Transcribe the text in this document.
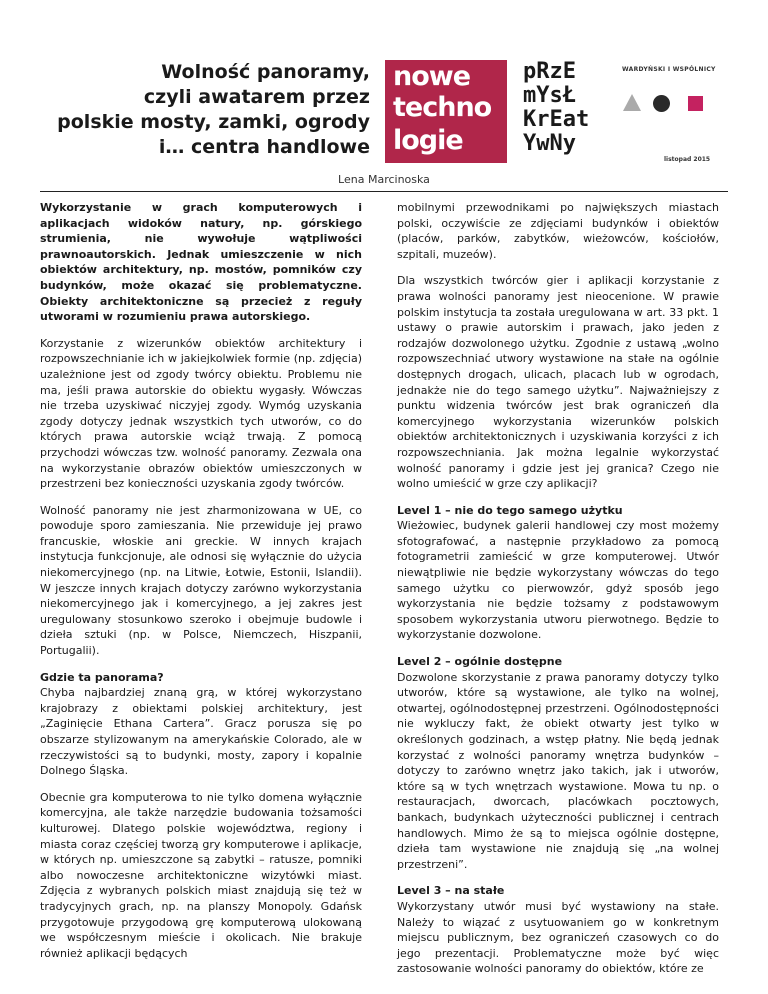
Wolność panoramy,
czyli awatarem przez
polskie mosty, zamki, ogrody
i… centra handlowe
nowe
techno
logie
pRzE
mYsŁ
KrEat
YwNy
WARDYŃSKI I WSPÓLNICY
listopad 2015
Lena Marcinoska

Wykorzystanie w grach komputerowych i aplikacjach widoków natury, np. górskiego strumienia, nie wywołuje wątpliwości prawnoautorskich. Jednak umieszczenie w nich obiektów architektury, np. mostów, pomników czy budynków, może okazać się problematyczne. Obiekty architektoniczne są przecież z reguły utworami w rozumieniu prawa autorskiego.

Korzystanie z wizerunków obiektów architektury i rozpowszechnianie ich w jakiejkolwiek formie (np. zdjęcia) uzależnione jest od zgody twórcy obiektu. Problemu nie ma, jeśli prawa autorskie do obiektu wygasły. Wówczas nie trzeba uzyskiwać niczyjej zgody. Wymóg uzyskania zgody dotyczy jednak wszystkich tych utworów, co do których prawa autorskie wciąż trwają. Z pomocą przychodzi wówczas tzw. wolność panoramy. Zezwala ona na wykorzystanie obrazów obiektów umieszczonych w przestrzeni bez konieczności uzyskania zgody twórców.

Wolność panoramy nie jest zharmonizowana w UE, co powoduje sporo zamieszania. Nie przewiduje jej prawo francuskie, włoskie ani greckie. W innych krajach instytucja funkcjonuje, ale odnosi się wyłącznie do użycia niekomercyjnego (np. na Litwie, Łotwie, Estonii, Islandii). W jeszcze innych krajach dotyczy zarówno wykorzystania niekomercyjnego jak i komercyjnego, a jej zakres jest uregulowany stosunkowo szeroko i obejmuje budowle i dzieła sztuki (np. w Polsce, Niemczech, Hiszpanii, Portugalii).

Gdzie ta panorama?

Chyba najbardziej znaną grą, w której wykorzystano krajobrazy z obiektami polskiej architektury, jest „Zaginięcie Ethana Cartera”. Gracz porusza się po obszarze stylizowanym na amerykańskie Colorado, ale w rzeczywistości są to budynki, mosty, zapory i kopalnie Dolnego Śląska.

Obecnie gra komputerowa to nie tylko domena wyłącznie komercyjna, ale także narzędzie budowania tożsamości kulturowej. Dlatego polskie województwa, regiony i miasta coraz częściej tworzą gry komputerowe i aplikacje, w których np. umieszczone są zabytki – ratusze, pomniki albo nowoczesne architektoniczne wizytówki miast. Zdjęcia z wybranych polskich miast znajdują się też w tradycyjnych grach, np. na planszy Monopoly. Gdańsk przygotowuje przygodową grę komputerową ulokowaną we współczesnym mieście i okolicach. Nie brakuje również aplikacji będących

mobilnymi przewodnikami po największych miastach polski, oczywiście ze zdjęciami budynków i obiektów (placów, parków, zabytków, wieżowców, kościołów, szpitali, muzeów).

Dla wszystkich twórców gier i aplikacji korzystanie z prawa wolności panoramy jest nieocenione. W prawie polskim instytucja ta została uregulowana w art. 33 pkt. 1 ustawy o prawie autorskim i prawach, jako jeden z rodzajów dozwolonego użytku. Zgodnie z ustawą „wolno rozpowszechniać utwory wystawione na stałe na ogólnie dostępnych drogach, ulicach, placach lub w ogrodach, jednakże nie do tego samego użytku”. Najważniejszy z punktu widzenia twórców jest brak ograniczeń dla komercyjnego wykorzystania wizerunków polskich obiektów architektonicznych i uzyskiwania korzyści z ich rozpowszechniania. Jak można legalnie wykorzystać wolność panoramy i gdzie jest jej granica? Czego nie wolno umieścić w grze czy aplikacji?

Level 1 – nie do tego samego użytku

Wieżowiec, budynek galerii handlowej czy most możemy sfotografować, a następnie przykładowo za pomocą fotogrametrii zamieścić w grze komputerowej. Utwór niewątpliwie nie będzie wykorzystany wówczas do tego samego użytku co pierwowzór, gdyż sposób jego wykorzystania nie będzie tożsamy z podstawowym sposobem wykorzystania utworu pierwotnego. Będzie to wykorzystanie dozwolone.

Level 2 – ogólnie dostępne

Dozwolone skorzystanie z prawa panoramy dotyczy tylko utworów, które są wystawione, ale tylko na wolnej, otwartej, ogólnodostępnej przestrzeni. Ogólnodostępności nie wykluczy fakt, że obiekt otwarty jest tylko w określonych godzinach, a wstęp płatny. Nie będą jednak korzystać z wolności panoramy wnętrza budynków – dotyczy to zarówno wnętrz jako takich, jak i utworów, które są w tych wnętrzach wystawione. Mowa tu np. o restauracjach, dworcach, placówkach pocztowych, bankach, budynkach użyteczności publicznej i centrach handlowych. Mimo że są to miejsca ogólnie dostępne, dzieła tam wystawione nie znajdują się „na wolnej przestrzeni”.

Level 3 – na stałe

Wykorzystany utwór musi być wystawiony na stałe. Należy to wiązać z usytuowaniem go w konkretnym miejscu publicznym, bez ograniczeń czasowych co do jego prezentacji. Problematyczne może być więc zastosowanie wolności panoramy do obiektów, które ze
